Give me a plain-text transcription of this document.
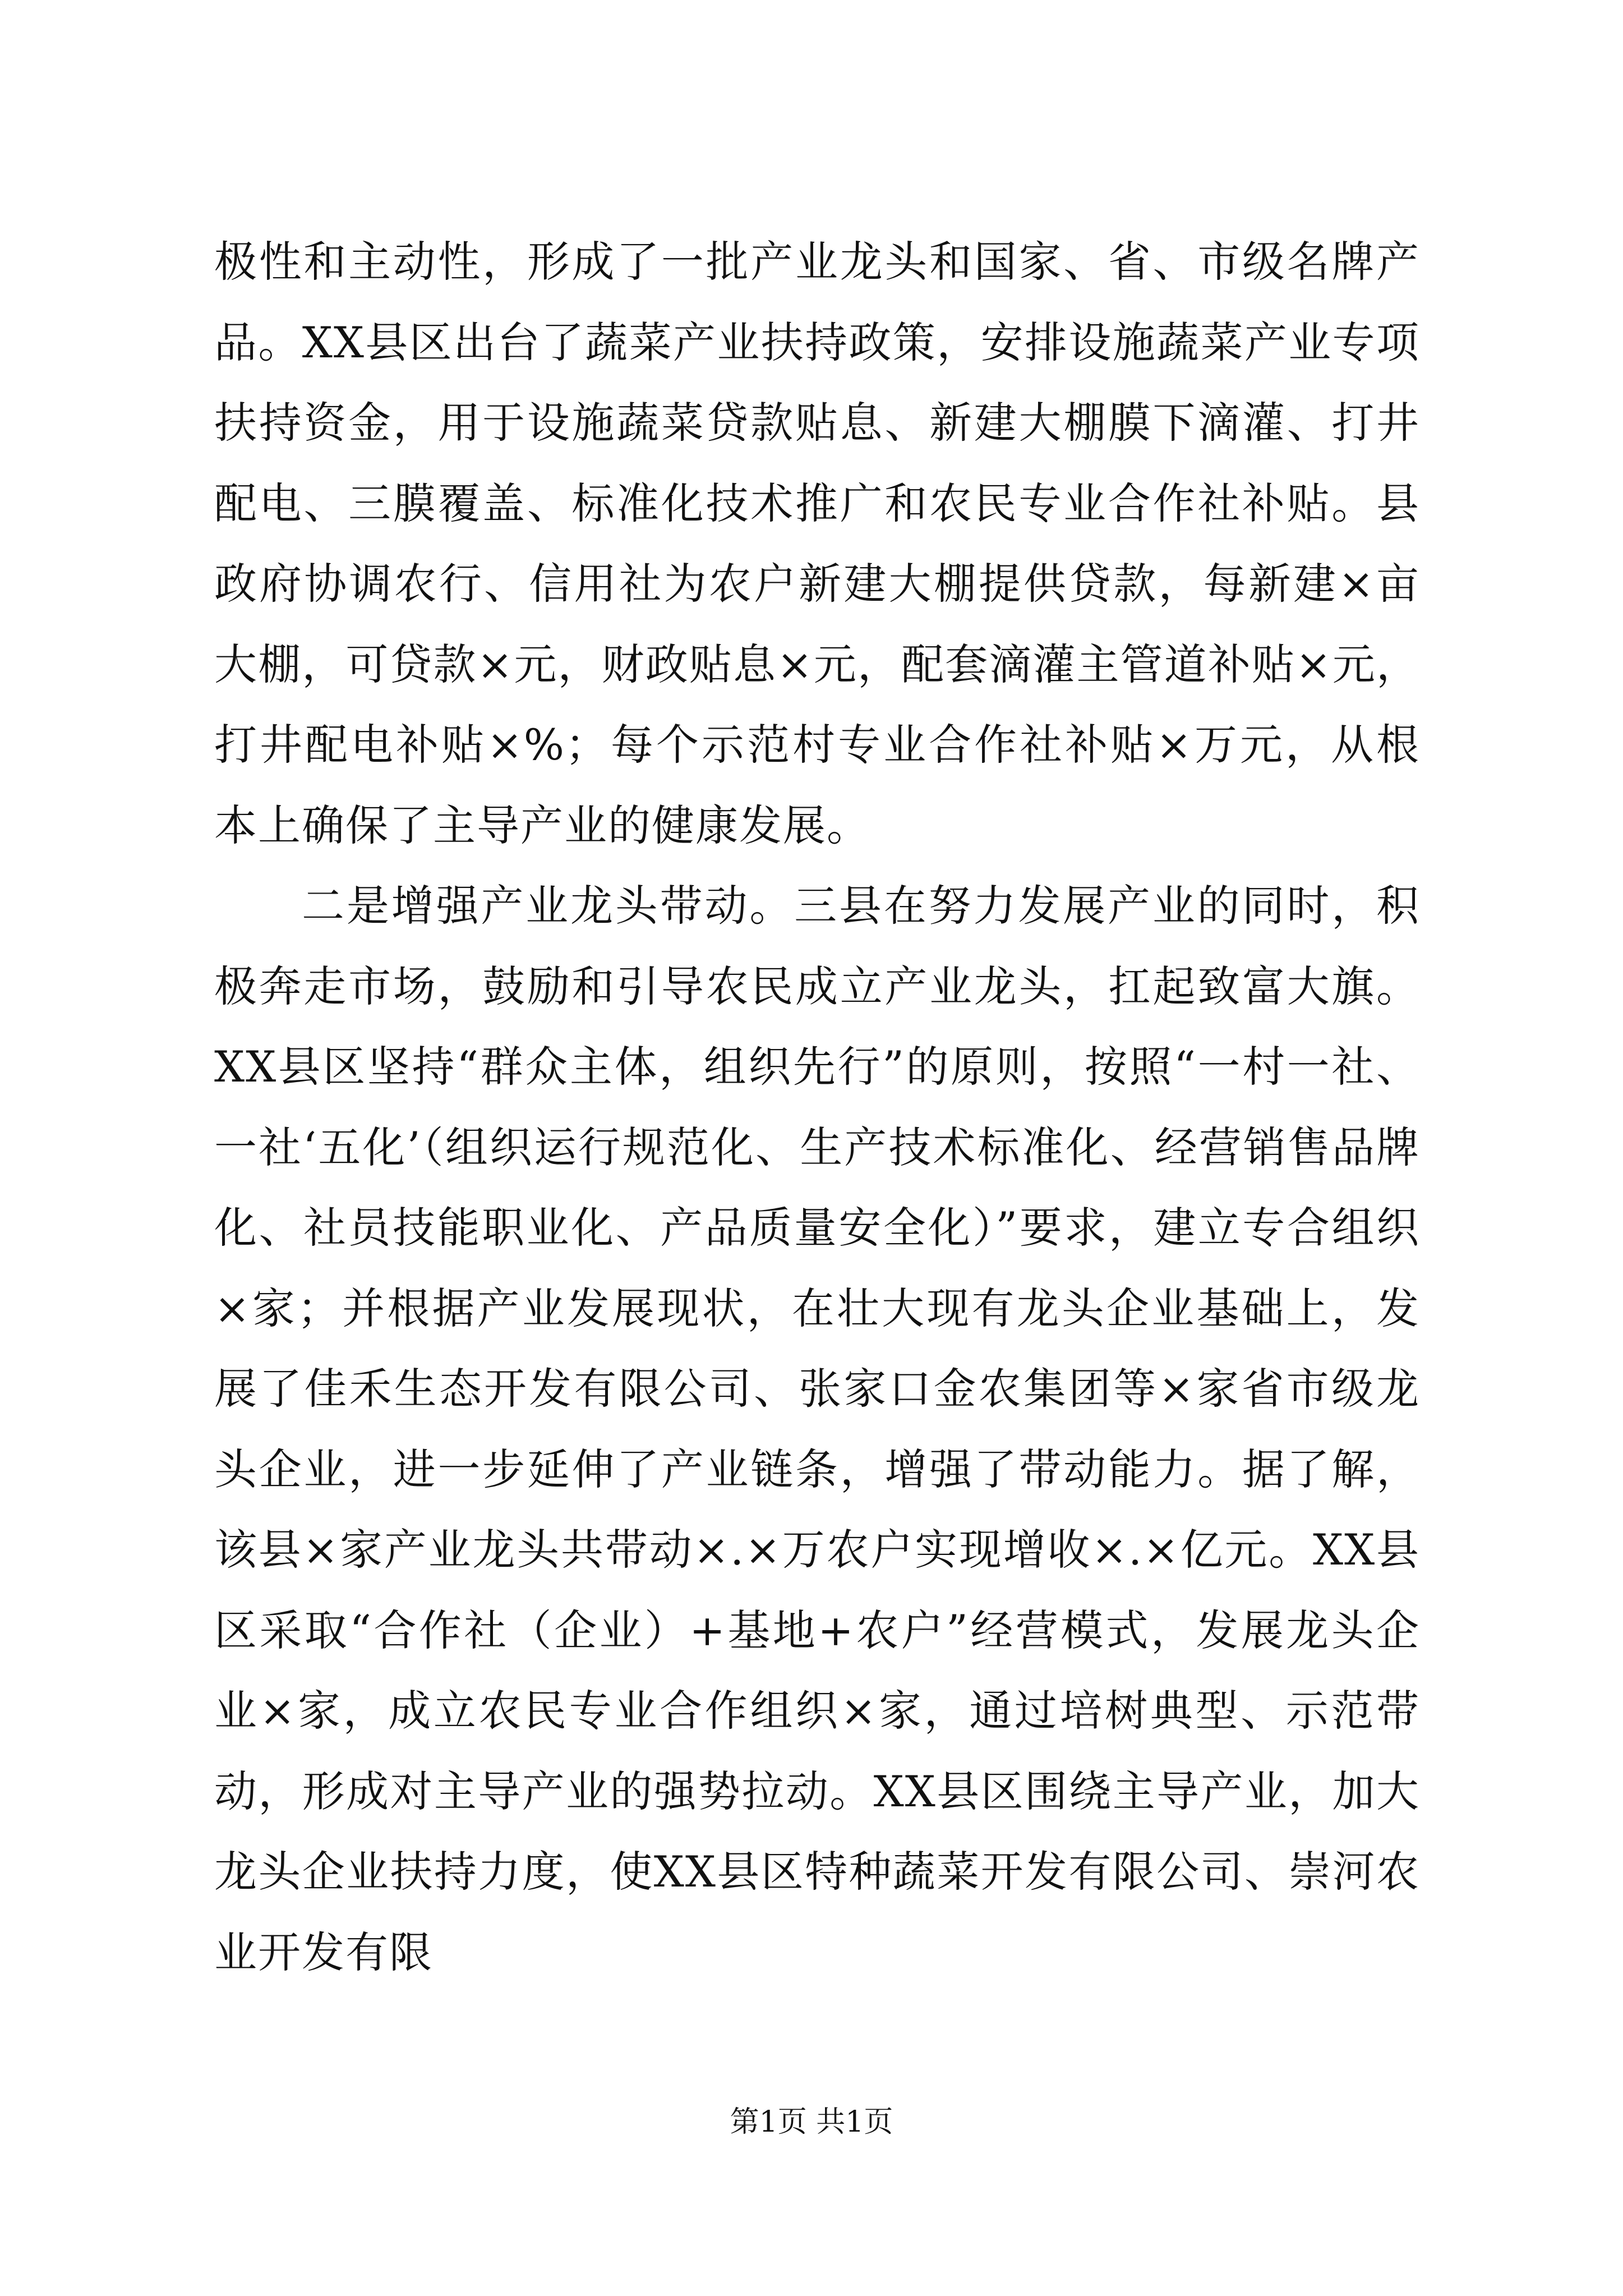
极性和主动性，形成了一批产业龙头和国家、省、市级名牌产品。XX县区出台了蔬菜产业扶持政策，安排设施蔬菜产业专项扶持资金，用于设施蔬菜贷款贴息、新建大棚膜下滴灌、打井配电、三膜覆盖、标准化技术推广和农民专业合作社补贴。县政府协调农行、信用社为农户新建大棚提供贷款，每新建×亩大棚，可贷款×元，财政贴息×元，配套滴灌主管道补贴×元，打井配电补贴×%；每个示范村专业合作社补贴×万元，从根本上确保了主导产业的健康发展。

二是增强产业龙头带动。三县在努力发展产业的同时，积极奔走市场，鼓励和引导农民成立产业龙头，扛起致富大旗。XX县区坚持“群众主体，组织先行”的原则，按照“一村一社、一社‘五化’（组织运行规范化、生产技术标准化、经营销售品牌化、社员技能职业化、产品质量安全化）”要求，建立专合组织×家；并根据产业发展现状，在壮大现有龙头企业基础上，发展了佳禾生态开发有限公司、张家口金农集团等×家省市级龙头企业，进一步延伸了产业链条，增强了带动能力。据了解，该县×家产业龙头共带动×.×万农户实现增收×.×亿元。XX县区采取“合作社（企业）+基地+农户”经营模式，发展龙头企业×家，成立农民专业合作组织×家，通过培树典型、示范带动，形成对主导产业的强势拉动。XX县区围绕主导产业，加大龙头企业扶持力度，使XX县区特种蔬菜开发有限公司、崇河农业开发有限

第1页 共1页
